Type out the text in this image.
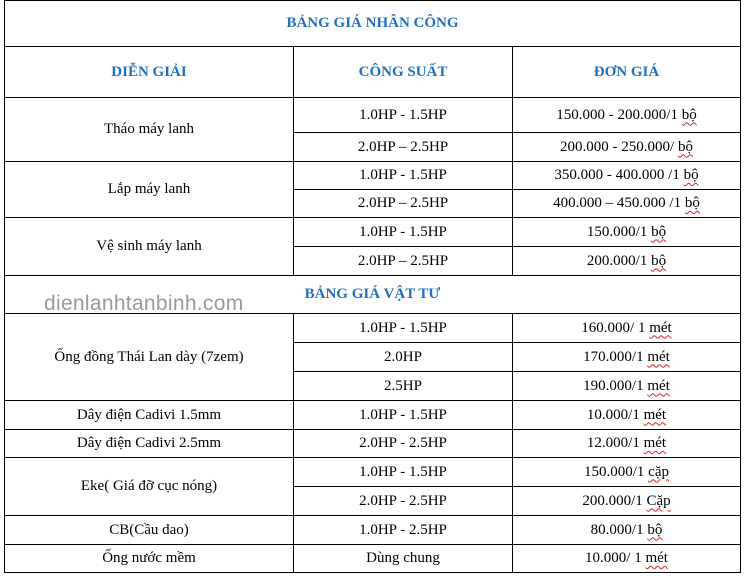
BẢNG GIÁ NHÂN CÔNG		
DIỄN GIẢI	CÔNG SUẤT	ĐƠN GIÁ
Tháo máy lanh	1.0HP - 1.5HP	150.000 - 200.000/1 bộ
	2.0HP – 2.5HP	200.000 - 250.000/ bộ
Lắp máy lanh	1.0HP - 1.5HP	350.000 - 400.000 /1 bộ
	2.0HP – 2.5HP	400.000 – 450.000 /1 bộ
Vệ sinh máy lanh	1.0HP - 1.5HP	150.000/1 bộ
	2.0HP – 2.5HP	200.000/1 bộ
BẢNG GIÁ VẬT TƯ		
Ống đồng Thái Lan dày (7zem)	1.0HP - 1.5HP	160.000/ 1 mét
	2.0HP	170.000/1 mét
	2.5HP	190.000/1 mét
Dây điện Cadivi 1.5mm	1.0HP - 1.5HP	10.000/1 mét
Dây điện Cadivi 2.5mm	2.0HP - 2.5HP	12.000/1 mét
Eke( Giá đỡ cục nóng)	1.0HP - 1.5HP	150.000/1 cặp
	2.0HP - 2.5HP	200.000/1 Cặp
CB(Cầu dao)	1.0HP - 2.5HP	80.000/1 bộ
Ống nước mềm	Dùng chung	10.000/ 1 mét
dienlanhtanbinh.com
